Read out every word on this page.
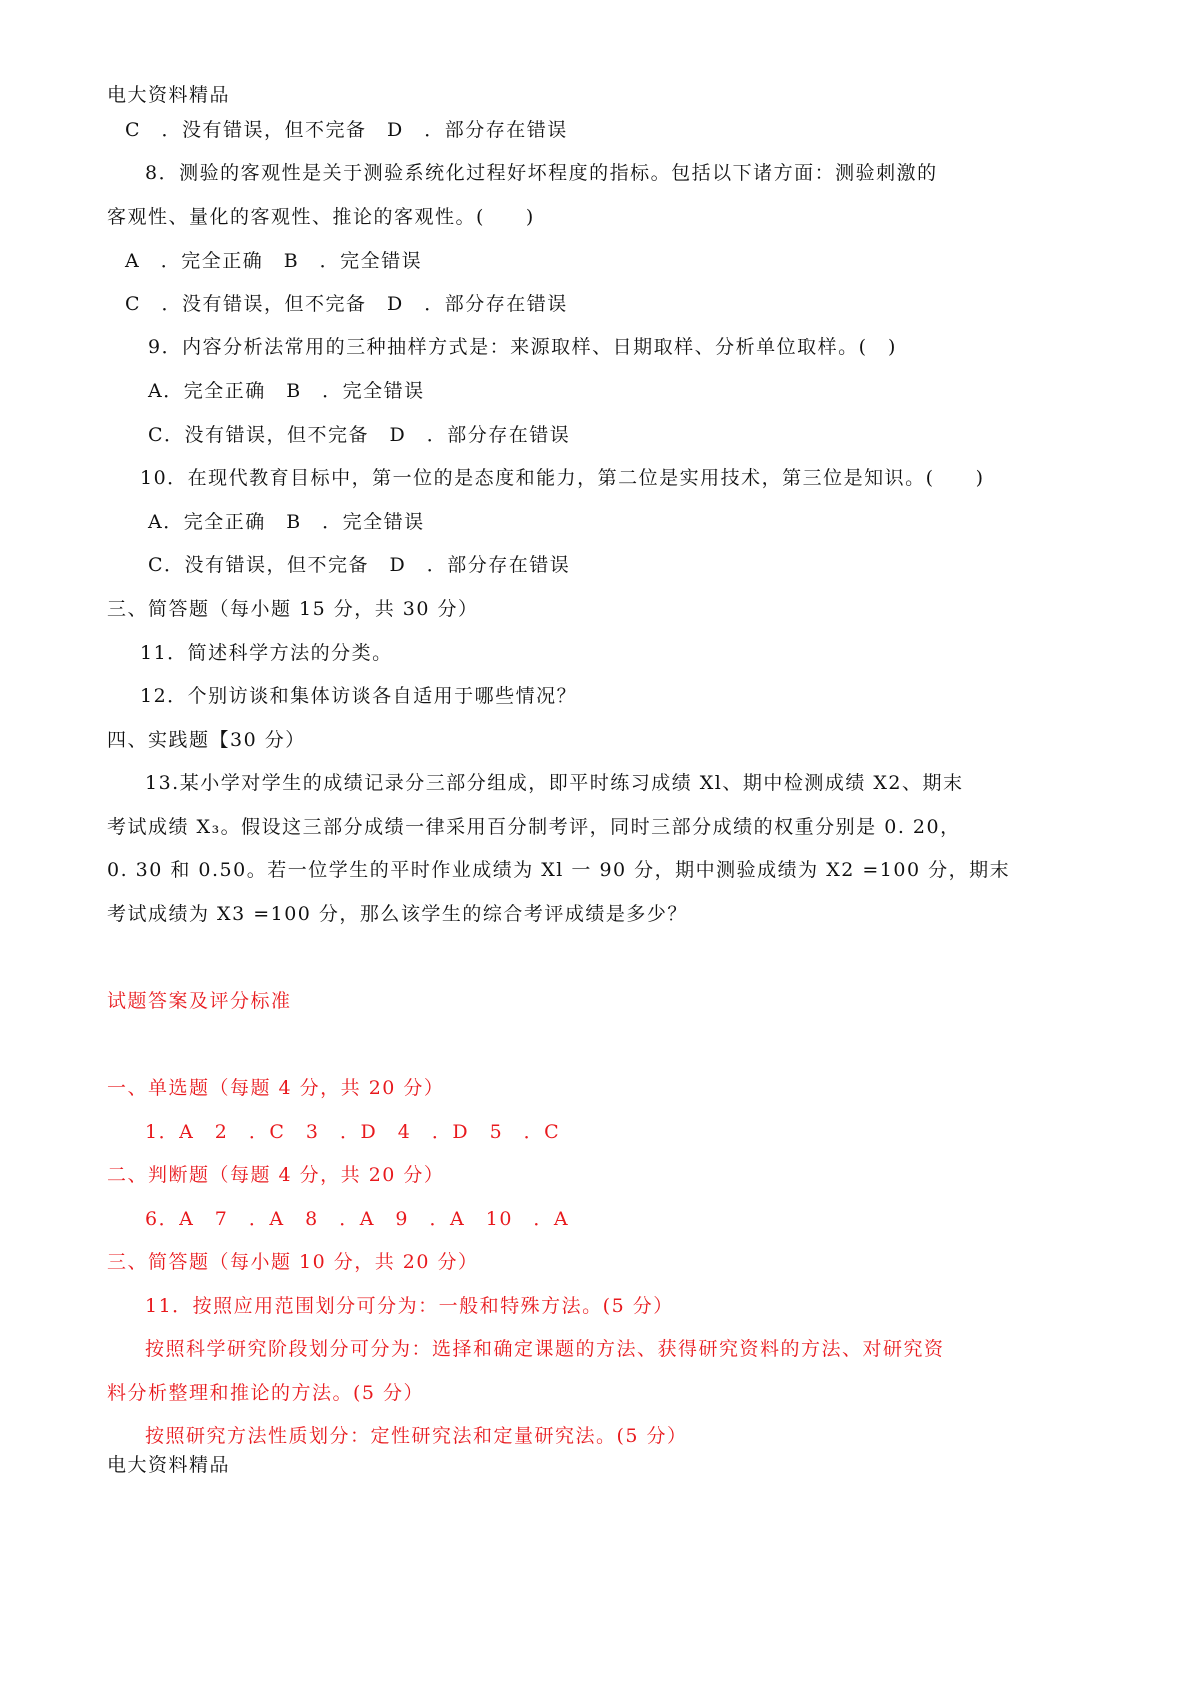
电大资料精品
C　．没有错误，但不完备　D　．部分存在错误
8．测验的客观性是关于测验系统化过程好坏程度的指标。包括以下诸方面：测验刺激的
客观性、量化的客观性、推论的客观性。(　　)
A　．完全正确　B　．完全错误
C　．没有错误，但不完备　D　．部分存在错误
9．内容分析法常用的三种抽样方式是：来源取样、日期取样、分析单位取样。(　)
A．完全正确　B　．完全错误
C．没有错误，但不完备　D　．部分存在错误
10．在现代教育目标中，第一位的是态度和能力，第二位是实用技术，第三位是知识。(　　)
A．完全正确　B　．完全错误
C．没有错误，但不完备　D　．部分存在错误
三、简答题（每小题 15 分，共 30 分）
11．简述科学方法的分类。
12．个别访谈和集体访谈各自适用于哪些情况？
四、实践题【30 分）
13.某小学对学生的成绩记录分三部分组成，即平时练习成绩 Xl、期中检测成绩 X2、期末
考试成绩 X₃。假设这三部分成绩一律采用百分制考评，同时三部分成绩的权重分别是 0. 20，
0. 30 和 0.50。若一位学生的平时作业成绩为 Xl 一 90 分，期中测验成绩为 X2 =100 分，期末
考试成绩为 X3 =100 分，那么该学生的综合考评成绩是多少？
试题答案及评分标准
一、单选题（每题 4 分，共 20 分）
1．A　2　．C　3　．D　4　．D　5　．C
二、判断题（每题 4 分，共 20 分）
6．A　7　．A　8　．A　9　．A　10　．A
三、简答题（每小题 10 分，共 20 分）
11．按照应用范围划分可分为：一般和特殊方法。(5 分）
按照科学研究阶段划分可分为：选择和确定课题的方法、获得研究资料的方法、对研究资
料分析整理和推论的方法。(5 分）
按照研究方法性质划分：定性研究法和定量研究法。(5 分）
电大资料精品
